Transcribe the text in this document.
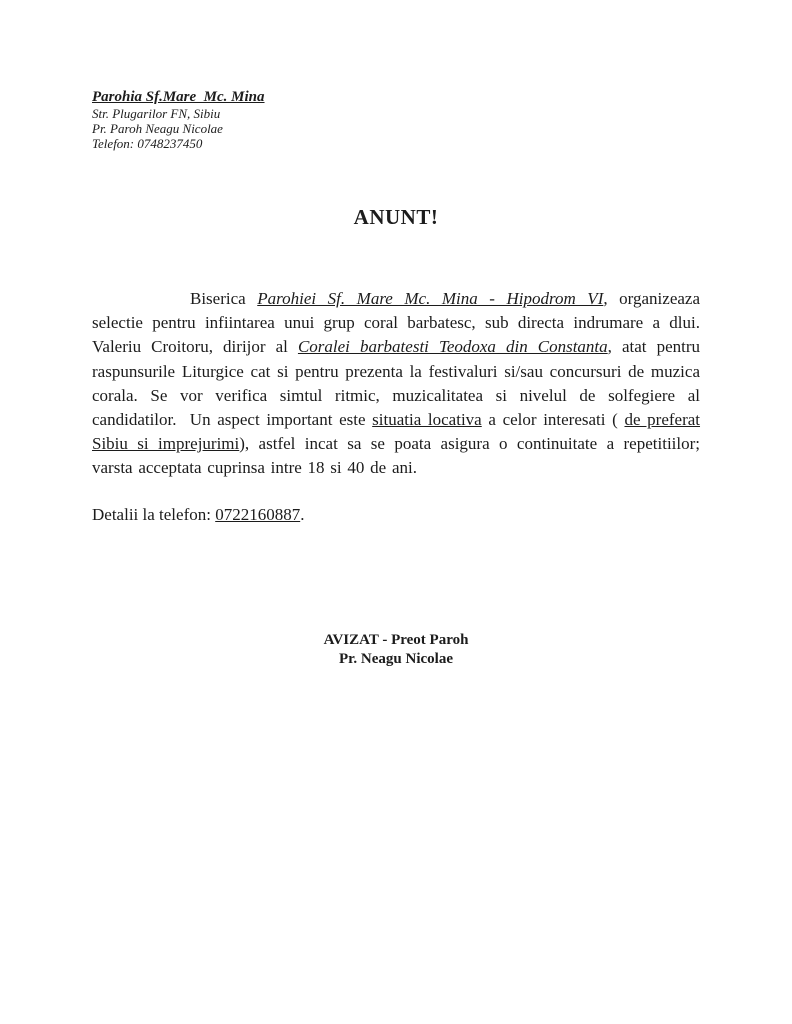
Parohia Sf.Mare  Mc. Mina
Str. Plugarilor FN, Sibiu
Pr. Paroh Neagu Nicolae
Telefon: 0748237450
ANUNT!

Biserica Parohiei Sf. Mare Mc. Mina - Hipodrom VI, organizeaza selectie pentru infiintarea unui grup coral barbatesc, sub directa indrumare a dlui. Valeriu Croitoru, dirijor al Coralei barbatesti Teodoxa din Constanta, atat pentru raspunsurile Liturgice cat si pentru prezenta la festivaluri si/sau concursuri de muzica corala. Se vor verifica simtul ritmic, muzicalitatea si nivelul de solfegiere al candidatilor.  Un aspect important este situatia locativa a celor interesati ( de preferat Sibiu si imprejurimi), astfel incat sa se poata asigura o continuitate a repetitiilor; varsta acceptata cuprinsa intre 18 si 40 de ani.

Detalii la telefon: 0722160887.
AVIZAT - Preot Paroh
Pr. Neagu Nicolae
